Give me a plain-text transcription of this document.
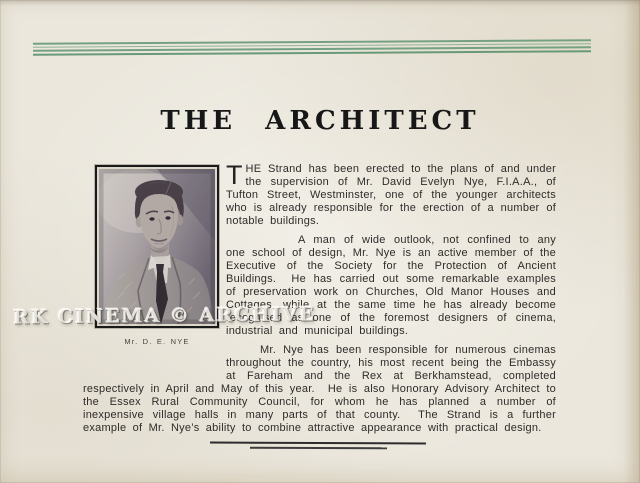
THE ARCHITECT
Mr. D. E. NYE

THE Strand has been erected to the plans of and under the supervision of Mr. David Evelyn Nye, F.I.A.A., of Tufton Street, Westminster, one of the younger architects who is already responsible for the erection of a number of notable buildings.

A man of wide outlook, not confined to any one school of design, Mr. Nye is an active member of the Executive of the Society for the Protection of Ancient Buildings.  He has carried out some remarkable examples of preservation work on Churches, Old Manor Houses and Cottages, while at the same time he has already become recognised as one of the foremost designers of cinema, industrial and municipal buildings.

Mr. Nye has been responsible for numerous cinemas throughout the country, his most recent being the Embassy at Fareham and the Rex at Berkhamstead, completed respectively in April and May of this year.  He is also Honorary Advisory Architect to the Essex Rural Community Council, for whom he has planned a number of inexpensive village halls in many parts of that county.  The Strand is a further example of Mr. Nye’s ability to combine attractive appearance with practical design.

RK CINEMA © ARCHIVE
